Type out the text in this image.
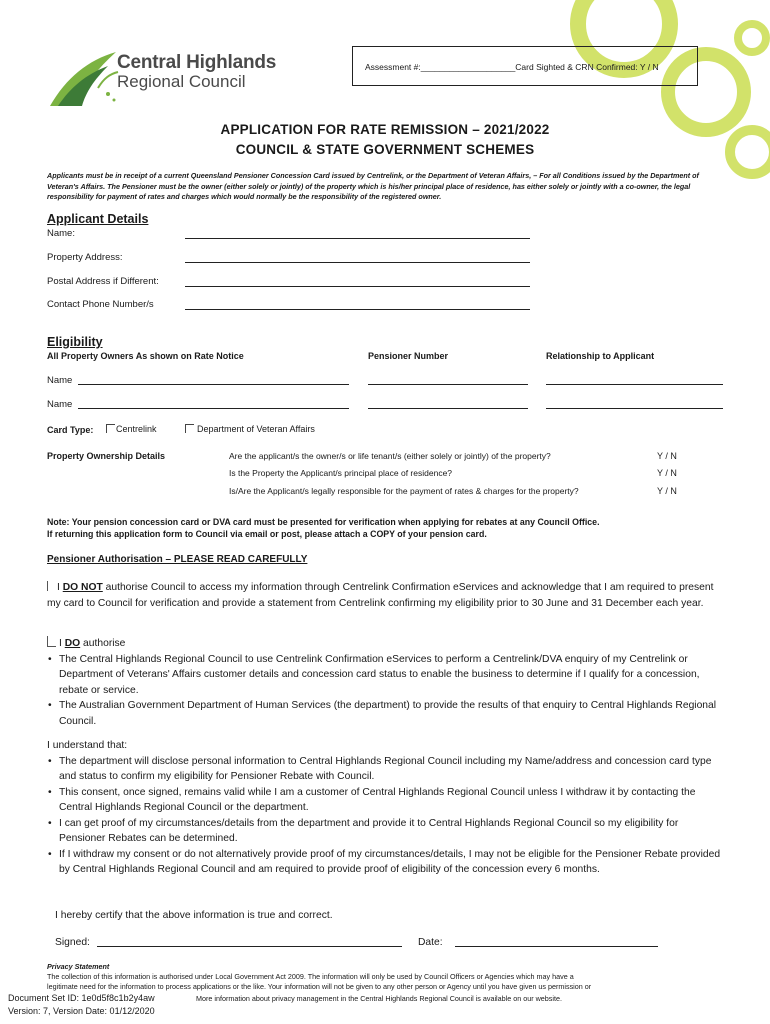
Central Highlands
Regional Council
Assessment #:____________________Card Sighted & CRN Confirmed: Y / N
APPLICATION FOR RATE REMISSION – 2021/2022
COUNCIL & STATE GOVERNMENT SCHEMES
Applicants must be in receipt of a current Queensland Pensioner Concession Card issued by Centrelink, or the Department of Veteran Affairs, – For all Conditions issued by the Department of Veteran's Affairs. The Pensioner must be the owner (either solely or jointly) of the property which is his/her principal place of residence, has either solely or jointly with a co-owner, the legal responsibility for payment of rates and charges which would normally be the responsibility of the registered owner.
Applicant Details
Name:
Property Address:
Postal Address if Different:
Contact Phone Number/s
Eligibility
All Property Owners As shown on Rate Notice	Pensioner Number	Relationship to Applicant
Name
Name
Card Type:	Centrelink	Department of Veteran Affairs
Property Ownership Details	Are the applicant/s the owner/s or life tenant/s (either solely or jointly) of the property?	Y / N
Is the Property the Applicant/s principal place of residence?	Y / N
Is/Are the Applicant/s legally responsible for the payment of rates & charges for the property?	Y / N
Note: Your pension concession card or DVA card must be presented for verification when applying for rebates at any Council Office.
If returning this application form to Council via email or post, please attach a COPY of your pension card.
Pensioner Authorisation – PLEASE READ CAREFULLY
I DO NOT authorise Council to access my information through Centrelink Confirmation eServices and acknowledge that I am required to present my card to Council for verification and provide a statement from Centrelink confirming my eligibility prior to 30 June and 31 December each year.
I DO authorise
• The Central Highlands Regional Council to use Centrelink Confirmation eServices to perform a Centrelink/DVA enquiry of my Centrelink or Department of Veterans' Affairs customer details and concession card status to enable the business to determine if I qualify for a concession, rebate or service.
• The Australian Government Department of Human Services (the department) to provide the results of that enquiry to Central Highlands Regional Council.
I understand that:
• The department will disclose personal information to Central Highlands Regional Council including my Name/address and concession card type and status to confirm my eligibility for Pensioner Rebate with Council.
• This consent, once signed, remains valid while I am a customer of Central Highlands Regional Council unless I withdraw it by contacting the Central Highlands Regional Council or the department.
• I can get proof of my circumstances/details from the department and provide it to Central Highlands Regional Council so my eligibility for Pensioner Rebates can be determined.
• If I withdraw my consent or do not alternatively provide proof of my circumstances/details, I may not be eligible for the Pensioner Rebate provided by Central Highlands Regional Council and am required to provide proof of eligibility of the concession every 6 months.
I hereby certify that the above information is true and correct.
Signed:	Date:
Privacy Statement
The collection of this information is authorised under Local Government Act 2009. The information will only be used by Council Officers or Agencies which may have a
legitimate need for the information to process applications or the like. Your information will not be given to any other person or Agency until you have given us permission or
Document Set ID: 1e0d5f8c1b2y4aw	More information about privacy management in the Central Highlands Regional Council is available on our website.
Version: 7, Version Date: 01/12/2020
